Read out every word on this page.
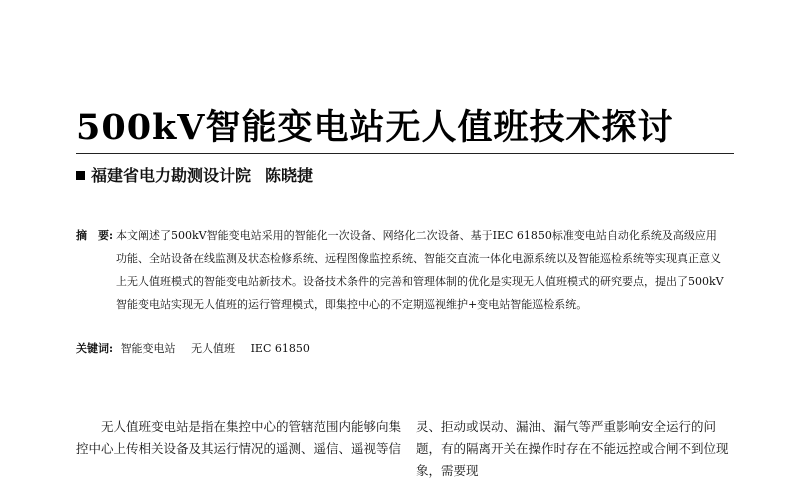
500kV智能变电站无人值班技术探讨
福建省电力勘测设计院 陈晓捷
摘　要: 本文阐述了500kV智能变电站采用的智能化一次设备、网络化二次设备、基于IEC 61850标准变电站自动化系统及高级应用功能、全站设备在线监测及状态检修系统、远程图像监控系统、智能交直流一体化电源系统以及智能巡检系统等实现真正意义上无人值班模式的智能变电站新技术。设备技术条件的完善和管理体制的优化是实现无人值班模式的研究要点，提出了500kV智能变电站实现无人值班的运行管理模式，即集控中心的不定期巡视维护+变电站智能巡检系统。
关键词: 智能变电站 无人值班 IEC 61850
无人值班变电站是指在集控中心的管辖范围内能够向集控中心上传相关设备及其运行情况的遥测、遥信、遥视等信
灵、拒动或误动、漏油、漏气等严重影响安全运行的问题，有的隔离开关在操作时存在不能远控或合闸不到位现象，需要现
